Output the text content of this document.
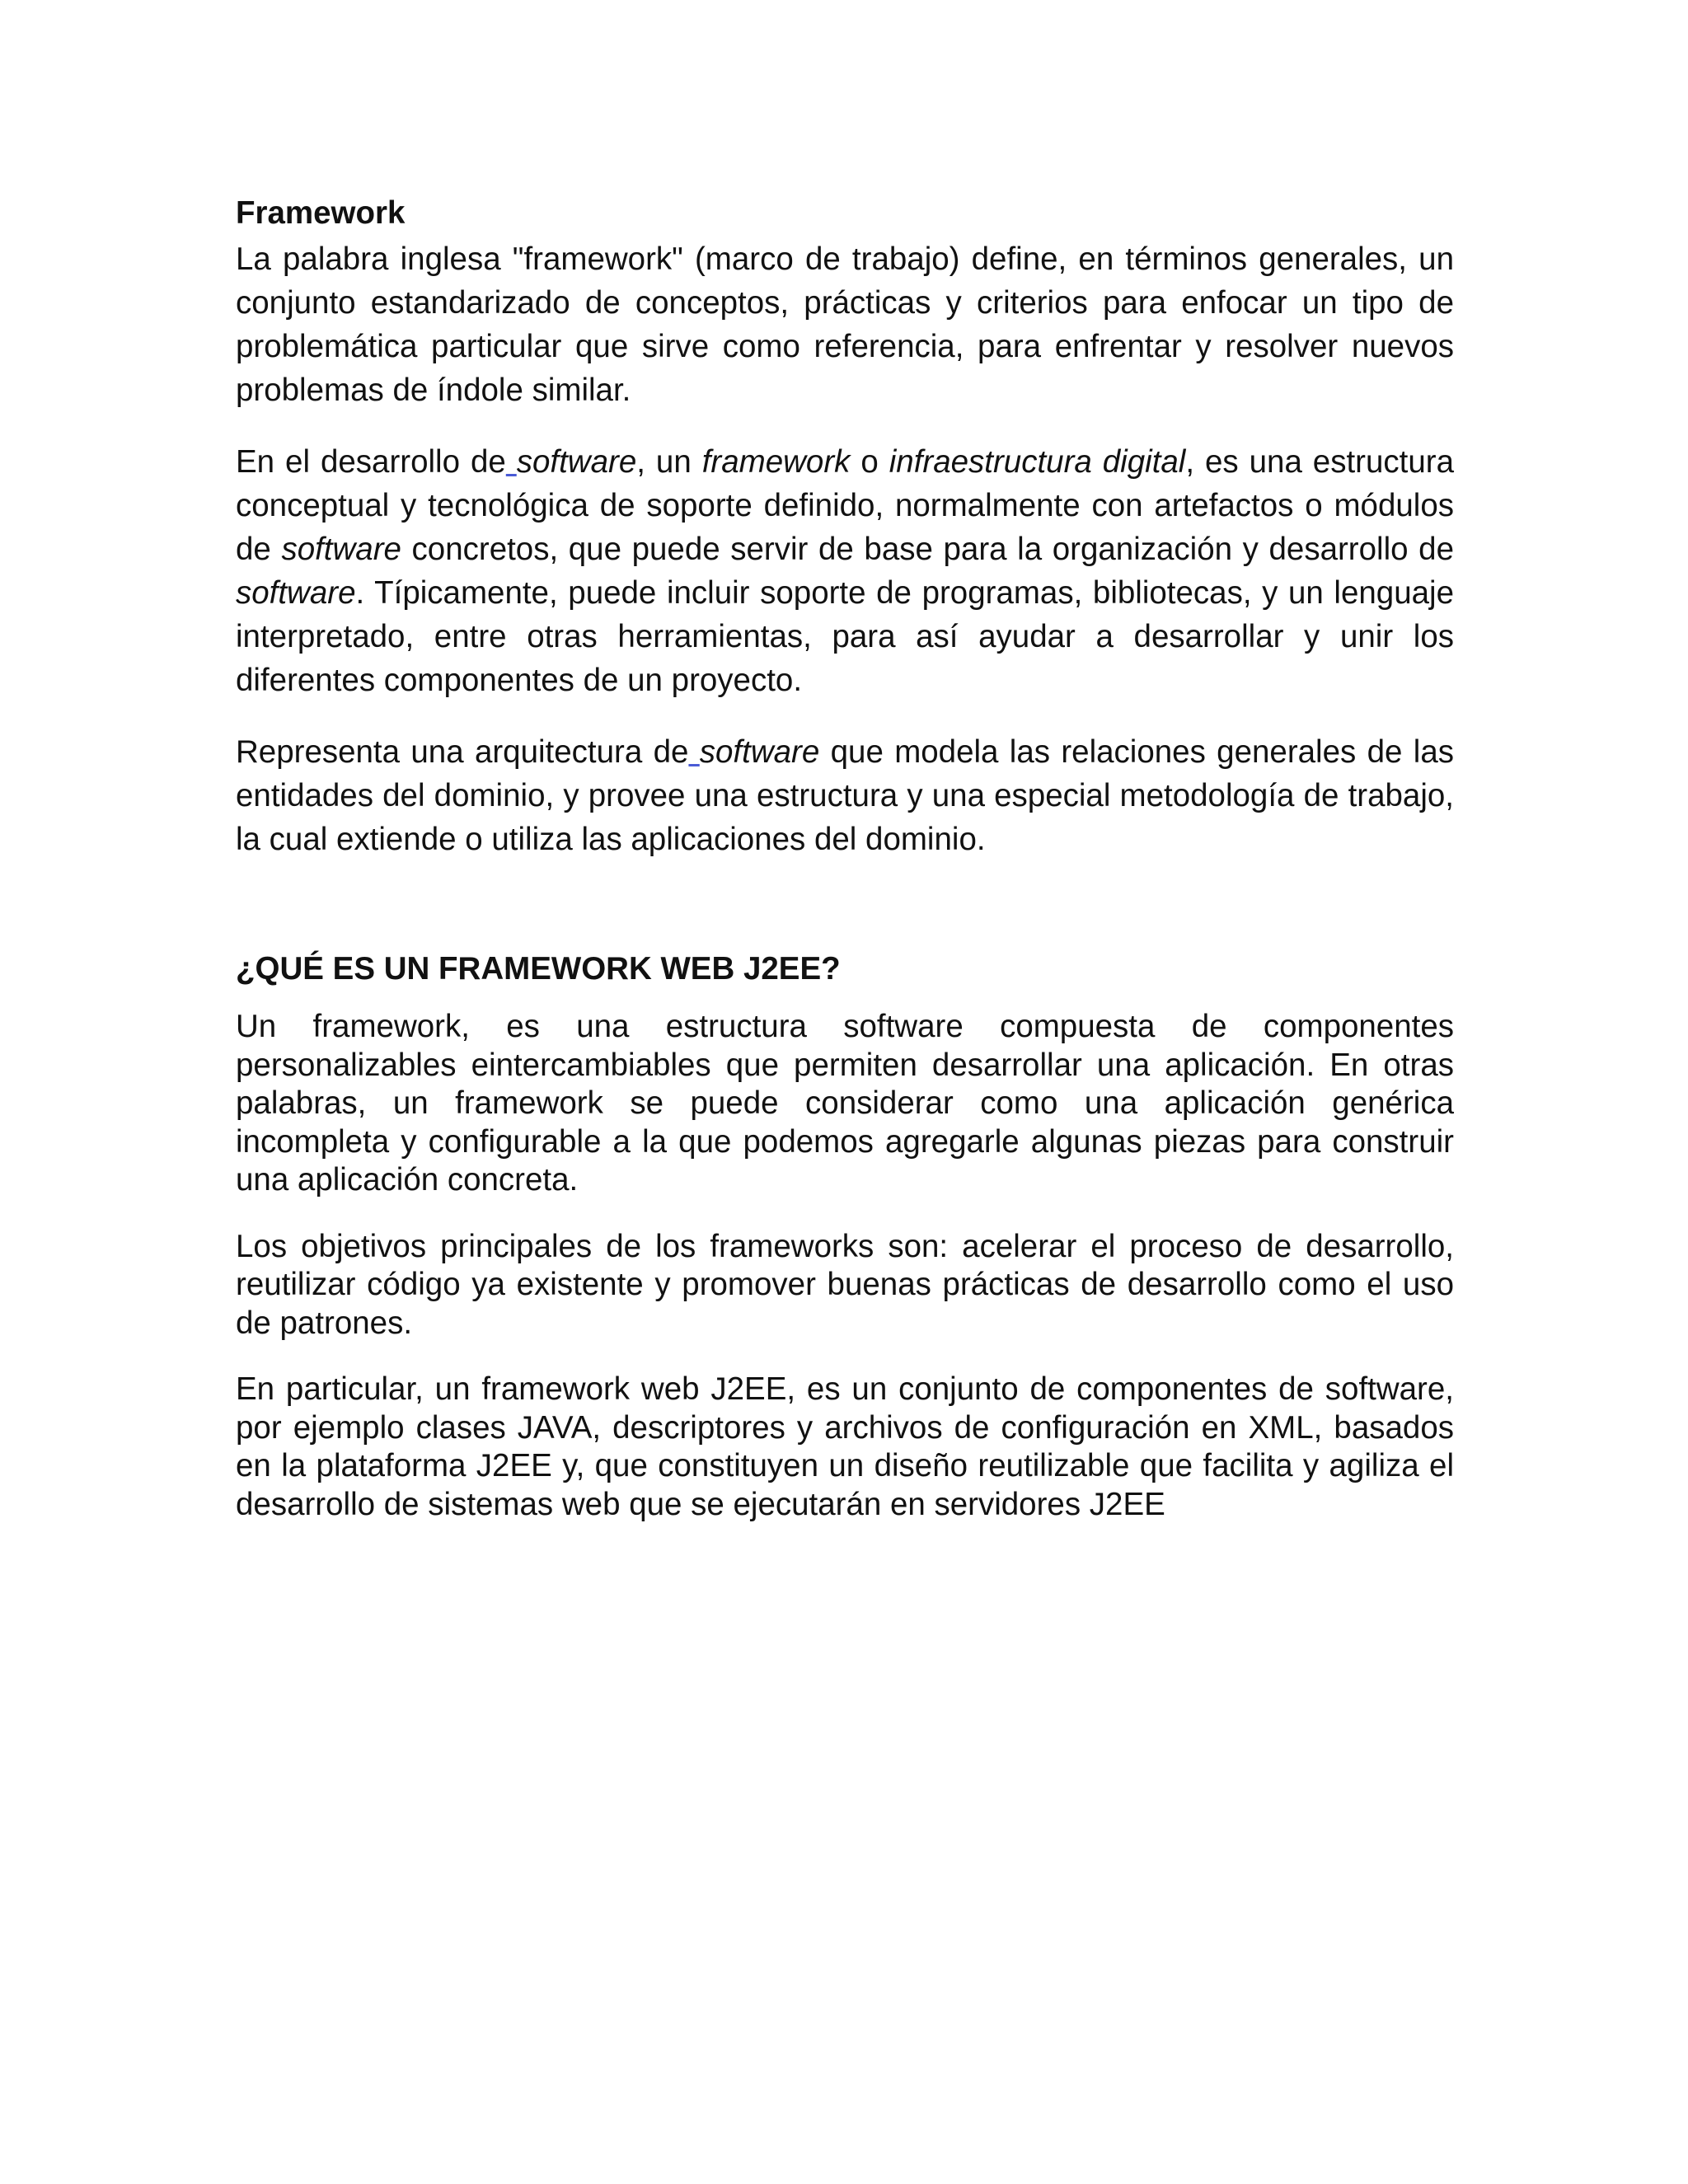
Framework

La palabra inglesa "framework" (marco de trabajo) define, en términos generales, un conjunto estandarizado de conceptos, prácticas y criterios para enfocar un tipo de problemática particular que sirve como referencia, para enfrentar y resolver nuevos problemas de índole similar.

En el desarrollo de software, un framework o infraestructura digital, es una estructura conceptual y tecnológica de soporte definido, normalmente con artefactos o módulos de software concretos, que puede servir de base para la organización y desarrollo de software. Típicamente, puede incluir soporte de programas, bibliotecas, y un lenguaje interpretado, entre otras herramientas, para así ayudar a desarrollar y unir los diferentes componentes de un proyecto.

Representa una arquitectura de software que modela las relaciones generales de las entidades del dominio, y provee una estructura y una especial metodología de trabajo, la cual extiende o utiliza las aplicaciones del dominio.

¿QUÉ ES UN FRAMEWORK WEB J2EE?

Un framework, es una estructura software compuesta de componentes personalizables eintercambiables que permiten desarrollar una aplicación. En otras palabras, un framework se puede considerar como una aplicación genérica incompleta y configurable a la que podemos agregarle algunas piezas para construir una aplicación concreta.

Los objetivos principales de los frameworks son: acelerar el proceso de desarrollo, reutilizar código ya existente y promover buenas prácticas de desarrollo como el uso de patrones.

En particular, un framework web J2EE, es un conjunto de componentes de software, por ejemplo clases JAVA, descriptores y archivos de configuración en XML, basados en la plataforma J2EE y, que constituyen un diseño reutilizable que facilita y agiliza el desarrollo de sistemas web que se ejecutarán en servidores J2EE
